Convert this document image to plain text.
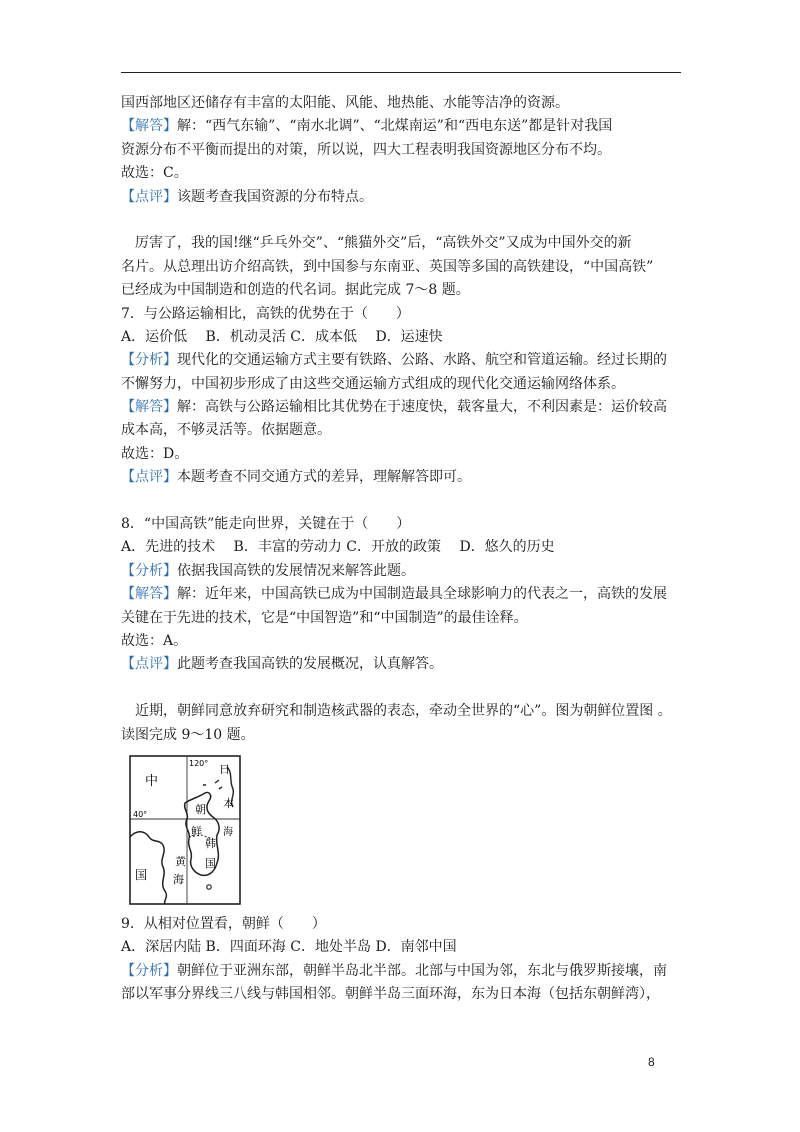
国西部地区还储存有丰富的太阳能、风能、地热能、水能等洁净的资源。
【解答】解：“西气东输”、“南水北调”、“北煤南运”和“西电东送”都是针对我国
资源分布不平衡而提出的对策，所以说，四大工程表明我国资源地区分布不均。
故选：C。
【点评】该题考查我国资源的分布特点。
厉害了，我的国!继“乒乓外交”、“熊猫外交”后，“高铁外交”又成为中国外交的新
名片。从总理出访介绍高铁，到中国参与东南亚、英国等多国的高铁建设，“中国高铁”
已经成为中国制造和创造的代名词。据此完成 7～8 题。
7．与公路运输相比，高铁的优势在于（　　）
A．运价低　 B．机动灵活 C．成本低　 D．运速快
【分析】现代化的交通运输方式主要有铁路、公路、水路、航空和管道运输。经过长期的
不懈努力，中国初步形成了由这些交通运输方式组成的现代化交通运输网络体系。
【解答】解：高铁与公路运输相比其优势在于速度快，载客量大，不利因素是：运价较高
成本高，不够灵活等。依据题意。
故选：D。
【点评】本题考查不同交通方式的差异，理解解答即可。
8．“中国高铁”能走向世界，关键在于（　　）
A．先进的技术　 B．丰富的劳动力 C．开放的政策　 D．悠久的历史
【分析】依据我国高铁的发展情况来解答此题。
【解答】解：近年来，中国高铁已成为中国制造最具全球影响力的代表之一，高铁的发展
关键在于先进的技术，它是“中国智造”和“中国制造”的最佳诠释。
故选：A。
【点评】此题考查我国高铁的发展概况，认真解答。
近期，朝鲜同意放弃研究和制造核武器的表态，牵动全世界的“心”。图为朝鲜位置图 。
读图完成 9～10 题。
120°
40°
中
国
日
本
朝
鲜
韩
海
黄
海
国
9．从相对位置看，朝鲜（　　）
A．深居内陆 B．四面环海 C．地处半岛 D．南邻中国
【分析】朝鲜位于亚洲东部，朝鲜半岛北半部。北部与中国为邻，东北与俄罗斯接壤，南
部以军事分界线三八线与韩国相邻。朝鲜半岛三面环海，东为日本海（包括东朝鲜湾），
8
